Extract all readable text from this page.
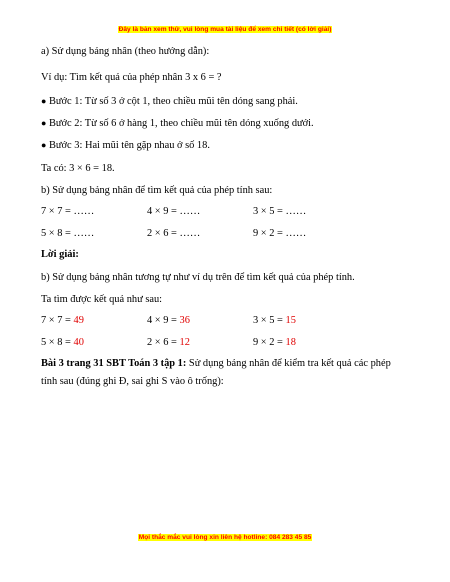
Đây là bản xem thử, vui lòng mua tài liệu để xem chi tiết (có lời giải)
a) Sử dụng bảng nhân (theo hướng dẫn):
Ví dụ: Tìm kết quả của phép nhân 3 x 6 = ?
● Bước 1: Từ số 3 ở cột 1, theo chiều mũi tên dóng sang phải.
● Bước 2: Từ số 6 ở hàng 1, theo chiều mũi tên dóng xuống dưới.
● Bước 3: Hai mũi tên gặp nhau ở số 18.
Ta có: 3 × 6 = 18.
b) Sử dụng bảng nhân để tìm kết quả của phép tính sau:
7 × 7 = ……	4 × 9 = ……	3 × 5 = ……
5 × 8 = ……	2 × 6 = ……	9 × 2 = ……
Lời giải:
b) Sử dụng bảng nhân tương tự như ví dụ trên để tìm kết quả của phép tính.
Ta tìm được kết quả như sau:
7 × 7 = 49	4 × 9 = 36	3 × 5 = 15
5 × 8 = 40	2 × 6 = 12	9 × 2 = 18
Bài 3 trang 31 SBT Toán 3 tập 1: Sử dụng bảng nhân để kiểm tra kết quả các phép
tính sau (đúng ghi Đ, sai ghi S vào ô trống):
Mọi thắc mắc vui lòng xin liên hệ hotline: 084 283 45 85
